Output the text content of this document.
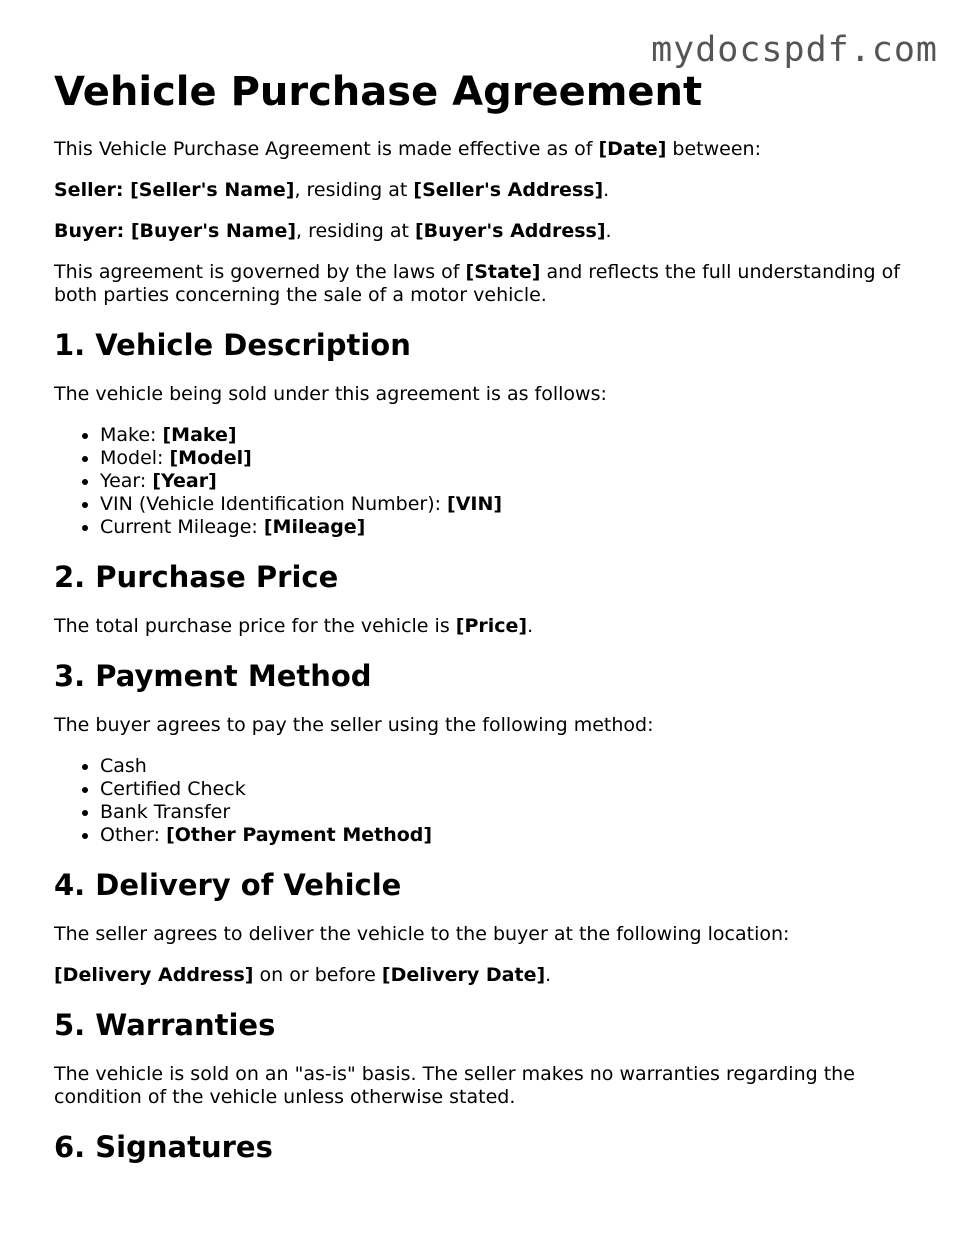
mydocspdf.com
Vehicle Purchase Agreement

This Vehicle Purchase Agreement is made effective as of [Date] between:

Seller: [Seller's Name], residing at [Seller's Address].

Buyer: [Buyer's Name], residing at [Buyer's Address].

This agreement is governed by the laws of [State] and reflects the full understanding of both parties concerning the sale of a motor vehicle.

1. Vehicle Description

The vehicle being sold under this agreement is as follows:

• Make: [Make]
• Model: [Model]
• Year: [Year]
• VIN (Vehicle Identification Number): [VIN]
• Current Mileage: [Mileage]
2. Purchase Price

The total purchase price for the vehicle is [Price].

3. Payment Method

The buyer agrees to pay the seller using the following method:

• Cash
• Certified Check
• Bank Transfer
• Other: [Other Payment Method]
4. Delivery of Vehicle

The seller agrees to deliver the vehicle to the buyer at the following location:

[Delivery Address] on or before [Delivery Date].

5. Warranties

The vehicle is sold on an "as-is" basis. The seller makes no warranties regarding the condition of the vehicle unless otherwise stated.

6. Signatures
